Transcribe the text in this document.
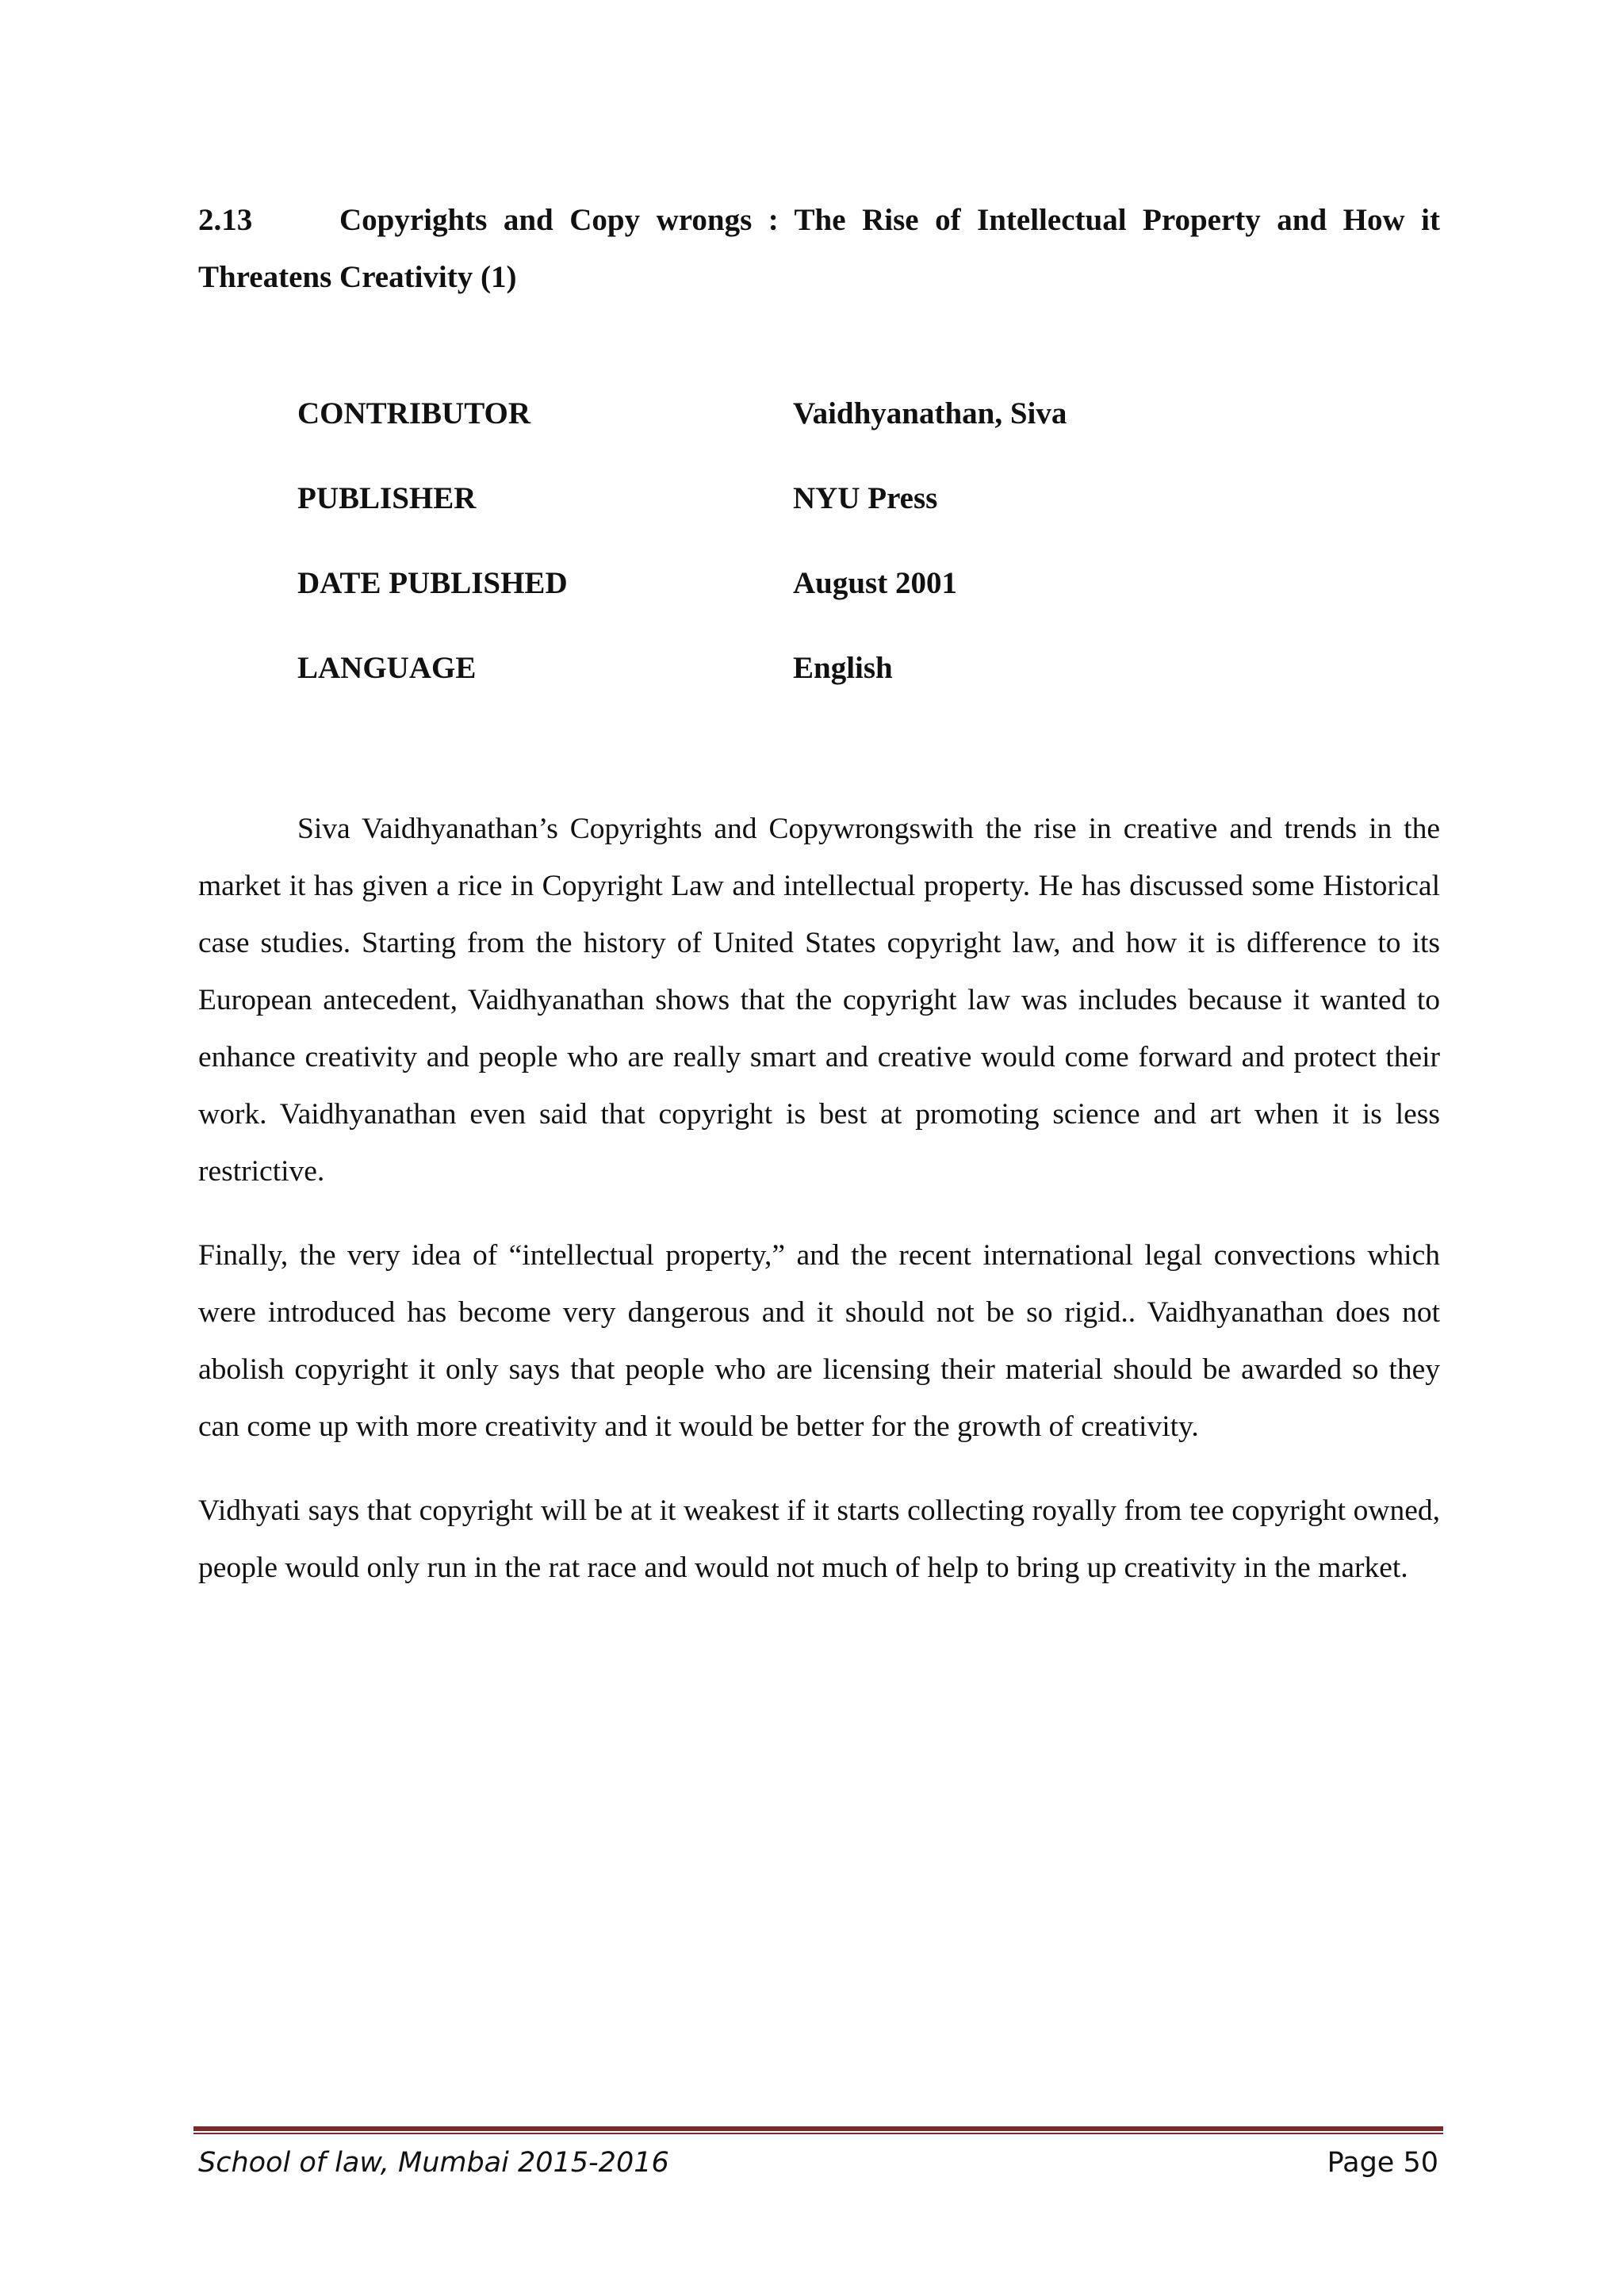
2.13	Copyrights and Copy wrongs : The Rise of Intellectual Property and How it Threatens Creativity (1)
CONTRIBUTOR	Vaidhyanathan, Siva
PUBLISHER	NYU Press
DATE PUBLISHED	August 2001
LANGUAGE	English

Siva Vaidhyanathan’s Copyrights and Copywrongswith the rise in creative and trends in the market it has given a rice in Copyright Law and intellectual property. He has discussed some Historical case studies. Starting from the history of United States copyright law, and how it is difference to its European antecedent, Vaidhyanathan shows that the copyright law was includes because it wanted to enhance creativity and people who are really smart and creative would come forward and protect their work. Vaidhyanathan even said that copyright is best at promoting science and art when it is less restrictive.

Finally, the very idea of “intellectual property,” and the recent international legal convections which were introduced has become very dangerous and it should not be so rigid.. Vaidhyanathan does not abolish copyright it only says that people who are licensing their material should be awarded so they can come up with more creativity and it would be better for the growth of creativity.

Vidhyati says that copyright will be at it weakest if it starts collecting royally from tee copyright owned, people would only run in the rat race and would not much of help to bring up creativity in the market.

School of law, Mumbai 2015-2016	Page 50
